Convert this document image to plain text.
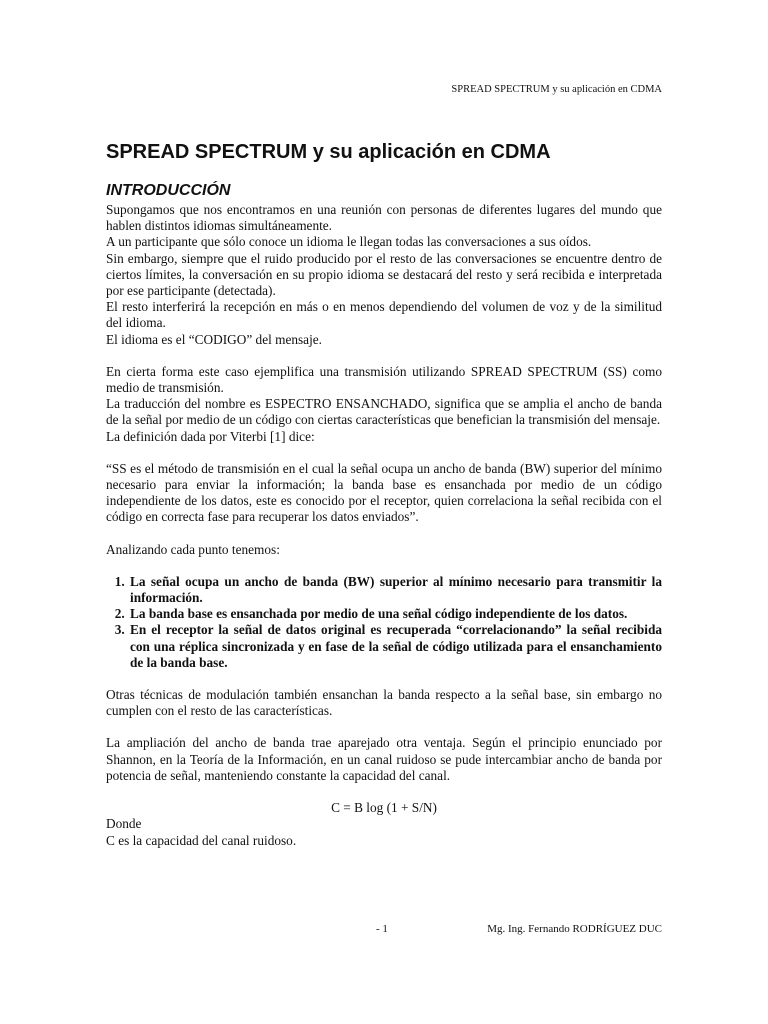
SPREAD SPECTRUM y su aplicación en CDMA
SPREAD SPECTRUM y su aplicación en CDMA
INTRODUCCIÓN

Supongamos que nos encontramos en una reunión con personas de diferentes lugares del mundo que hablen distintos idiomas simultáneamente.

A un participante que sólo conoce un idioma le llegan todas las conversaciones a sus oídos.

Sin embargo, siempre que el ruido producido por el resto de las conversaciones se encuentre dentro de ciertos límites, la conversación en su propio idioma se destacará del resto y será recibida e interpretada por ese participante (detectada).

El resto interferirá la recepción en más o en menos dependiendo del volumen de voz y de la similitud del idioma.

El idioma es el “CODIGO” del mensaje.

En cierta forma este caso ejemplifica una transmisión utilizando SPREAD SPECTRUM (SS) como medio de transmisión.

La traducción del nombre es ESPECTRO ENSANCHADO, significa que se amplia el ancho de banda de la señal por medio de un código con ciertas características que benefician la transmisión del mensaje.

La definición dada por Viterbi [1] dice:

“SS es el método de transmisión en el cual la señal ocupa un ancho de banda (BW) superior del mínimo necesario para enviar la información; la banda base es ensanchada por medio de un código independiente de los datos, este es conocido por el receptor, quien correlaciona la señal recibida con el código en correcta fase para recuperar los datos enviados”.

Analizando cada punto tenemos:

1. La señal ocupa un ancho de banda (BW) superior al mínimo necesario para transmitir la información.
2. La banda base es ensanchada por medio de una señal código independiente de los datos.
3. En el receptor la señal de datos original es recuperada “correlacionando” la señal recibida con una réplica sincronizada y en fase de la señal de código utilizada para el ensanchamiento de la banda base.

Otras técnicas de modulación también ensanchan la banda respecto a la señal base, sin embargo no cumplen con el resto de las características.

La ampliación del ancho de banda trae aparejado otra ventaja. Según el principio enunciado por Shannon, en la Teoría de la Información, en un canal ruidoso se pude intercambiar ancho de banda por potencia de señal, manteniendo constante la capacidad del canal.

C = B log (1 + S/N)

Donde

C es la capacidad del canal ruidoso.

- 1	Mg. Ing. Fernando RODRÍGUEZ DUC
